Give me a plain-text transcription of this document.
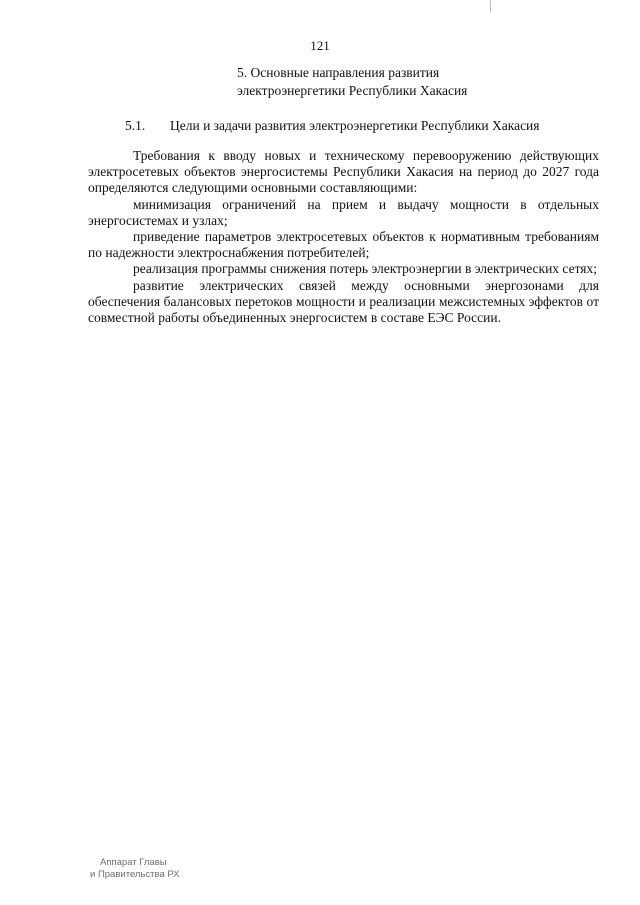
121
5. Основные направления развития
электроэнергетики Республики Хакасия
5.1. Цели и задачи развития электроэнергетики Республики Хакасия

Требования к вводу новых и техническому перевооружению действующих электросетевых объектов энергосистемы Республики Хакасия на период до 2027 года определяются следующими основными составляющими:

минимизация ограничений на прием и выдачу мощности в отдельных энергосистемах и узлах;

приведение параметров электросетевых объектов к нормативным требованиям по надежности электроснабжения потребителей;

реализация программы снижения потерь электроэнергии в электрических сетях;

развитие электрических связей между основными энергозонами для обеспечения балансовых перетоков мощности и реализации межсистемных эффектов от совместной работы объединенных энергосистем в составе ЕЭС России.

Аппарат Главы
и Правительства РХ
